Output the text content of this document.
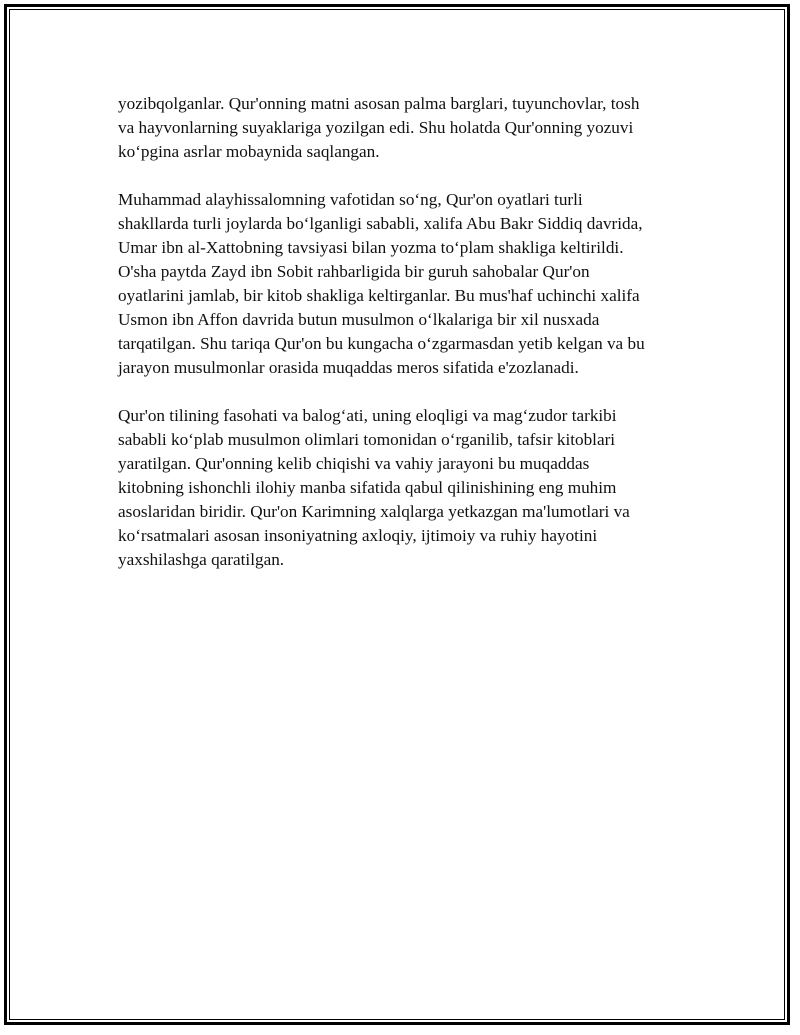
yozibqolganlar. Qur'onning matni asosan palma barglari, tuyunchovlar, tosh
va hayvonlarning suyaklariga yozilgan edi. Shu holatda Qur'onning yozuvi
ko‘pgina asrlar mobaynida saqlangan.

Muhammad alayhissalomning vafotidan so‘ng, Qur'on oyatlari turli
shakllarda turli joylarda bo‘lganligi sababli, xalifa Abu Bakr Siddiq davrida,
Umar ibn al-Xattobning tavsiyasi bilan yozma to‘plam shakliga keltirildi.
O'sha paytda Zayd ibn Sobit rahbarligida bir guruh sahobalar Qur'on
oyatlarini jamlab, bir kitob shakliga keltirganlar. Bu mus'haf uchinchi xalifa
Usmon ibn Affon davrida butun musulmon o‘lkalariga bir xil nusxada
tarqatilgan. Shu tariqa Qur'on bu kungacha o‘zgarmasdan yetib kelgan va bu
jarayon musulmonlar orasida muqaddas meros sifatida e'zozlanadi.

Qur'on tilining fasohati va balog‘ati, uning eloqligi va mag‘zudor tarkibi
sababli ko‘plab musulmon olimlari tomonidan o‘rganilib, tafsir kitoblari
yaratilgan. Qur'onning kelib chiqishi va vahiy jarayoni bu muqaddas
kitobning ishonchli ilohiy manba sifatida qabul qilinishining eng muhim
asoslaridan biridir. Qur'on Karimning xalqlarga yetkazgan ma'lumotlari va
ko‘rsatmalari asosan insoniyatning axloqiy, ijtimoiy va ruhiy hayotini
yaxshilashga qaratilgan.
